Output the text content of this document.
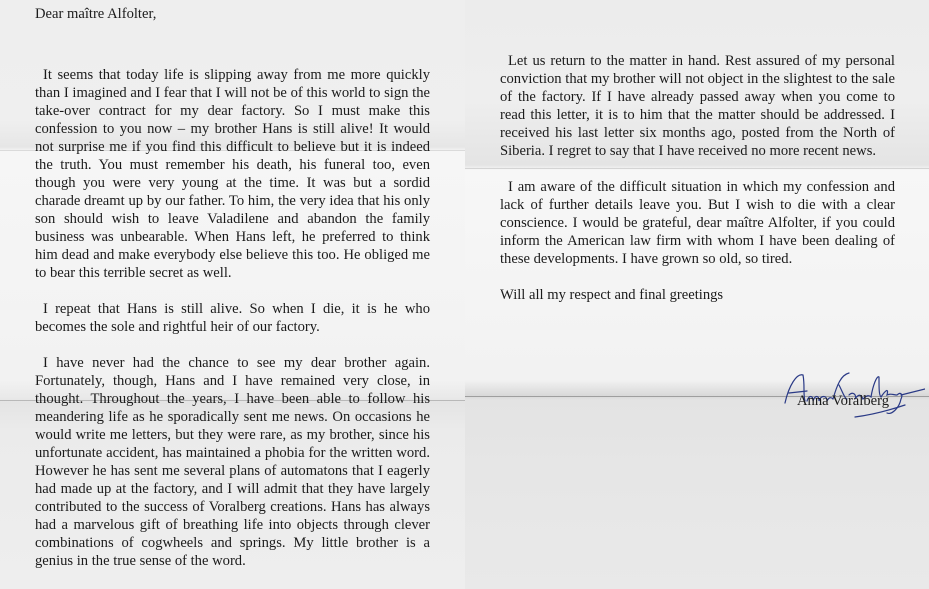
Dear maître Alfolter,

It seems that today life is slipping away from me more quickly than I imagined and I fear that I will not be of this world to sign the take-over contract for my dear factory. So I must make this confession to you now – my brother Hans is still alive! It would not surprise me if you find this difficult to believe but it is indeed the truth. You must remember his death, his funeral too, even though you were very young at the time. It was but a sordid charade dreamt up by our father. To him, the very idea that his only son should wish to leave Valadilene and abandon the family business was unbearable. When Hans left, he preferred to think him dead and make everybody else believe this too. He obliged me to bear this terrible secret as well.

I repeat that Hans is still alive. So when I die, it is he who becomes the sole and rightful heir of our factory.

I have never had the chance to see my dear brother again. Fortunately, though, Hans and I have remained very close, in thought. Throughout the years, I have been able to follow his meandering life as he sporadically sent me news. On occasions he would write me letters, but they were rare, as my brother, since his unfortunate accident, has maintained a phobia for the written word. However he has sent me several plans of automatons that I eagerly had made up at the factory, and I will admit that they have largely contributed to the success of Voralberg creations. Hans has always had a marvelous gift of breathing life into objects through clever combinations of cogwheels and springs. My little brother is a genius in the true sense of the word.

Let us return to the matter in hand. Rest assured of my personal conviction that my brother will not object in the slightest to the sale of the factory. If I have already passed away when you come to read this letter, it is to him that the matter should be addressed. I received his last letter six months ago, posted from the North of Siberia. I regret to say that I have received no more recent news.

I am aware of the difficult situation in which my confession and lack of further details leave you. But I wish to die with a clear conscience. I would be grateful, dear maître Alfolter, if you could inform the American law firm with whom I have been dealing of these developments. I have grown so old, so tired.

Will all my respect and final greetings
Anna Voralberg
